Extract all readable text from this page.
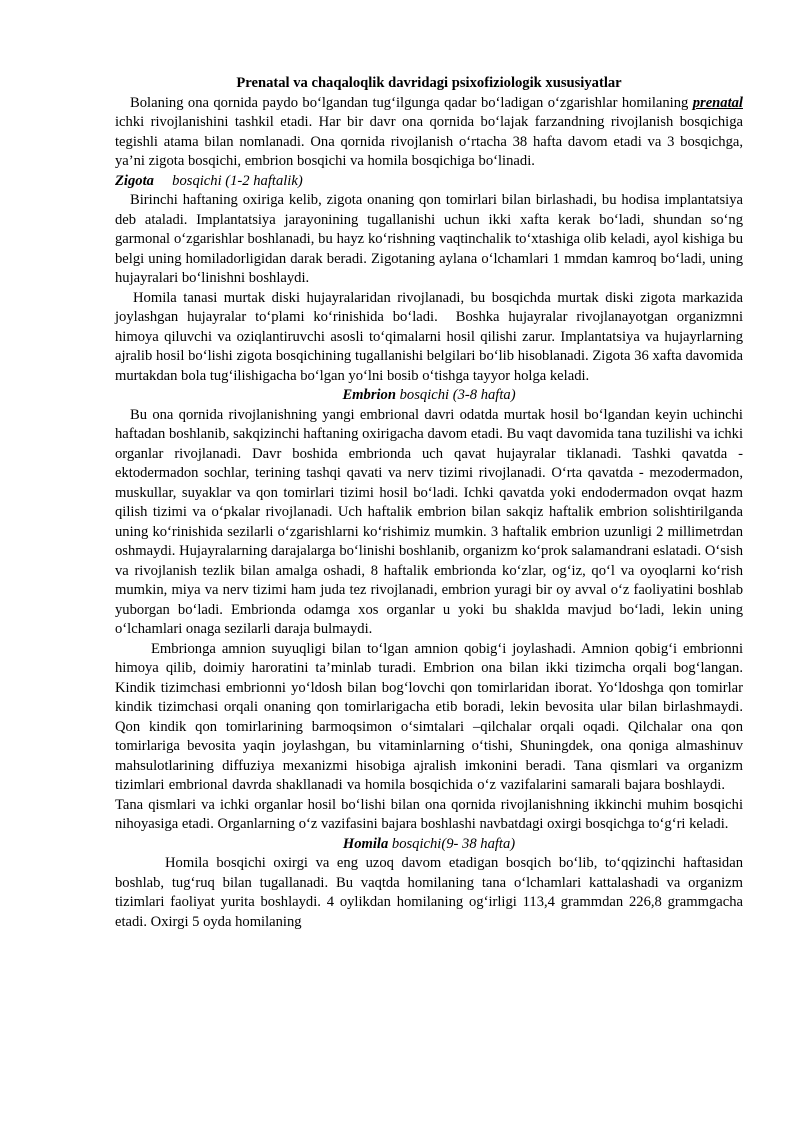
Prenatal va chaqaloqlik davridagi psixofiziologik xususiyatlar

Bolaning ona qornida paydo bo‘lgandan tug‘ilgunga qadar bo‘ladigan o‘zgarishlar homilaning prenatal ichki rivojlanishini tashkil etadi. Har bir davr ona qornida bo‘lajak farzandning rivojlanish bosqichiga tegishli atama bilan nomlanadi. Ona qornida rivojlanish o‘rtacha 38 hafta davom etadi va 3 bosqichga, ya’ni zigota bosqichi, embrion bosqichi va homila bosqichiga bo‘linadi.

Zigota bosqichi (1-2 haftalik)

Birinchi haftaning oxiriga kelib, zigota onaning qon tomirlari bilan birlashadi, bu hodisa implantatsiya deb ataladi. Implantatsiya jarayonining tugallanishi uchun ikki xafta kerak bo‘ladi, shundan so‘ng garmonal o‘zgarishlar boshlanadi, bu hayz ko‘rishning vaqtinchalik to‘xtashiga olib keladi, ayol kishiga bu belgi uning homiladorligidan darak beradi. Zigotaning aylana o‘lchamlari 1 mmdan kamroq bo‘ladi, uning hujayralari bo‘linishni boshlaydi.

Homila tanasi murtak diski hujayralaridan rivojlanadi, bu bosqichda murtak diski zigota markazida joylashgan hujayralar to‘plami ko‘rinishida bo‘ladi. Boshka hujayralar rivojlanayotgan organizmni himoya qiluvchi va oziqlantiruvchi asosli to‘qimalarni hosil qilishi zarur. Implantatsiya va hujayrlarning ajralib hosil bo‘lishi zigota bosqichining tugallanishi belgilari bo‘lib hisoblanadi. Zigota 36 xafta davomida murtakdan bola tug‘ilishigacha bo‘lgan yo‘lni bosib o‘tishga tayyor holga keladi.

Embrion bosqichi (3-8 hafta)

Bu ona qornida rivojlanishning yangi embrional davri odatda murtak hosil bo‘lgandan keyin uchinchi haftadan boshlanib, sakqizinchi haftaning oxirigacha davom etadi. Bu vaqt davomida tana tuzilishi va ichki organlar rivojlanadi. Davr boshida embrionda uch qavat hujayralar tiklanadi. Tashki qavatda - ektodermadon sochlar, terining tashqi qavati va nerv tizimi rivojlanadi. O‘rta qavatda - mezodermadon, muskullar, suyaklar va qon tomirlari tizimi hosil bo‘ladi. Ichki qavatda yoki endodermadon ovqat hazm qilish tizimi va o‘pkalar rivojlanadi. Uch haftalik embrion bilan sakqiz haftalik embrion solishtirilganda uning ko‘rinishida sezilarli o‘zgarishlarni ko‘rishimiz mumkin. 3 haftalik embrion uzunligi 2 millimetrdan oshmaydi. Hujayralarning darajalarga bo‘linishi boshlanib, organizm ko‘prok salamandrani eslatadi. O‘sish va rivojlanish tezlik bilan amalga oshadi, 8 haftalik embrionda ko‘zlar, og‘iz, qo‘l va oyoqlarni ko‘rish mumkin, miya va nerv tizimi ham juda tez rivojlanadi, embrion yuragi bir oy avval o‘z faoliyatini boshlab yuborgan bo‘ladi. Embrionda odamga xos organlar u yoki bu shaklda mavjud bo‘ladi, lekin uning o‘lchamlari onaga sezilarli daraja bulmaydi.

Embrionga amnion suyuqligi bilan to‘lgan amnion qobig‘i joylashadi. Amnion qobig‘i embrionni himoya qilib, doimiy haroratini ta’minlab turadi. Embrion ona bilan ikki tizimcha orqali bog‘langan. Kindik tizimchasi embrionni yo‘ldosh bilan bog‘lovchi qon tomirlaridan iborat. Yo‘ldoshga qon tomirlar kindik tizimchasi orqali onaning qon tomirlarigacha etib boradi, lekin bevosita ular bilan birlashmaydi. Qon kindik qon tomirlarining barmoqsimon o‘simtalari –qilchalar orqali oqadi. Qilchalar ona qon tomirlariga bevosita yaqin joylashgan, bu vitaminlarning o‘tishi, Shuningdek, ona qoniga almashinuv mahsulotlarining diffuziya mexanizmi hisobiga ajralish imkonini beradi. Tana qismlari va organizm tizimlari embrional davrda shakllanadi va homila bosqichida o‘z vazifalarini samarali bajara boshlaydi.Tana qismlari va ichki organlar hosil bo‘lishi bilan ona qornida rivojlanishning ikkinchi muhim bosqichi nihoyasiga etadi. Organlarning o‘z vazifasini bajara boshlashi navbatdagi oxirgi bosqichga to‘g‘ri keladi.

Homila bosqichi(9- 38 hafta)

Homila bosqichi oxirgi va eng uzoq davom etadigan bosqich bo‘lib, to‘qqizinchi haftasidan boshlab, tug‘ruq bilan tugallanadi. Bu vaqtda homilaning tana o‘lchamlari kattalashadi va organizm tizimlari faoliyat yurita boshlaydi. 4 oylikdan homilaning og‘irligi 113,4 grammdan 226,8 grammgacha etadi. Oxirgi 5 oyda homilaning
